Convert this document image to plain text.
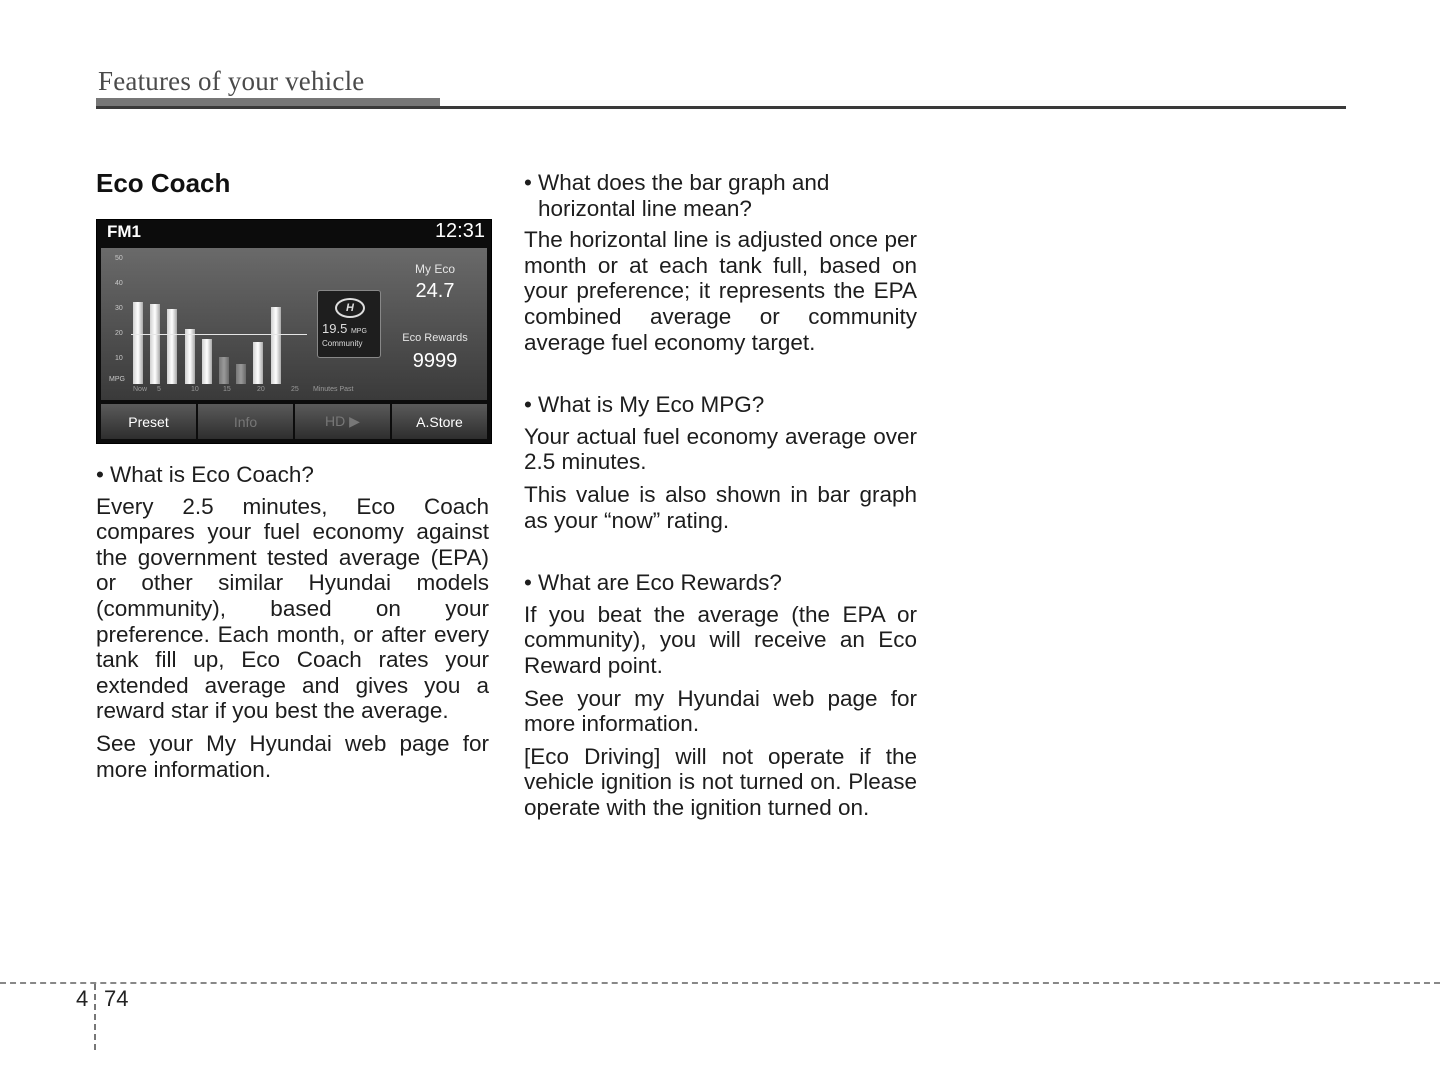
Features of your vehicle
Eco Coach
FM1	12:31
50
40
30
20
10
MPG
Now 5	10	15	20	25 Minutes Past
H
19.5 MPG
Community
My Eco
24.7
Eco Rewards
9999
Preset	Info	HD ▶	A.Store

• What is Eco Coach?

Every 2.5 minutes, Eco Coach compares your fuel economy against the government tested average (EPA) or other similar Hyundai models (community), based on your preference. Each month, or after every tank fill up, Eco Coach rates your extended average and gives you a reward star if you best the average.

See your My Hyundai web page for more information.

• What does the bar graph and horizontal line mean?

The horizontal line is adjusted once per month or at each tank full, based on your preference; it represents the EPA combined average or community average fuel economy target.

• What is My Eco MPG?

Your actual fuel economy average over 2.5 minutes.

This value is also shown in bar graph as your “now” rating.

• What are Eco Rewards?

If you beat the average (the EPA or community), you will receive an Eco Reward point.

See your my Hyundai web page for more information.

[Eco Driving] will not operate if the vehicle ignition is not turned on. Please operate with the ignition turned on.

4 74
